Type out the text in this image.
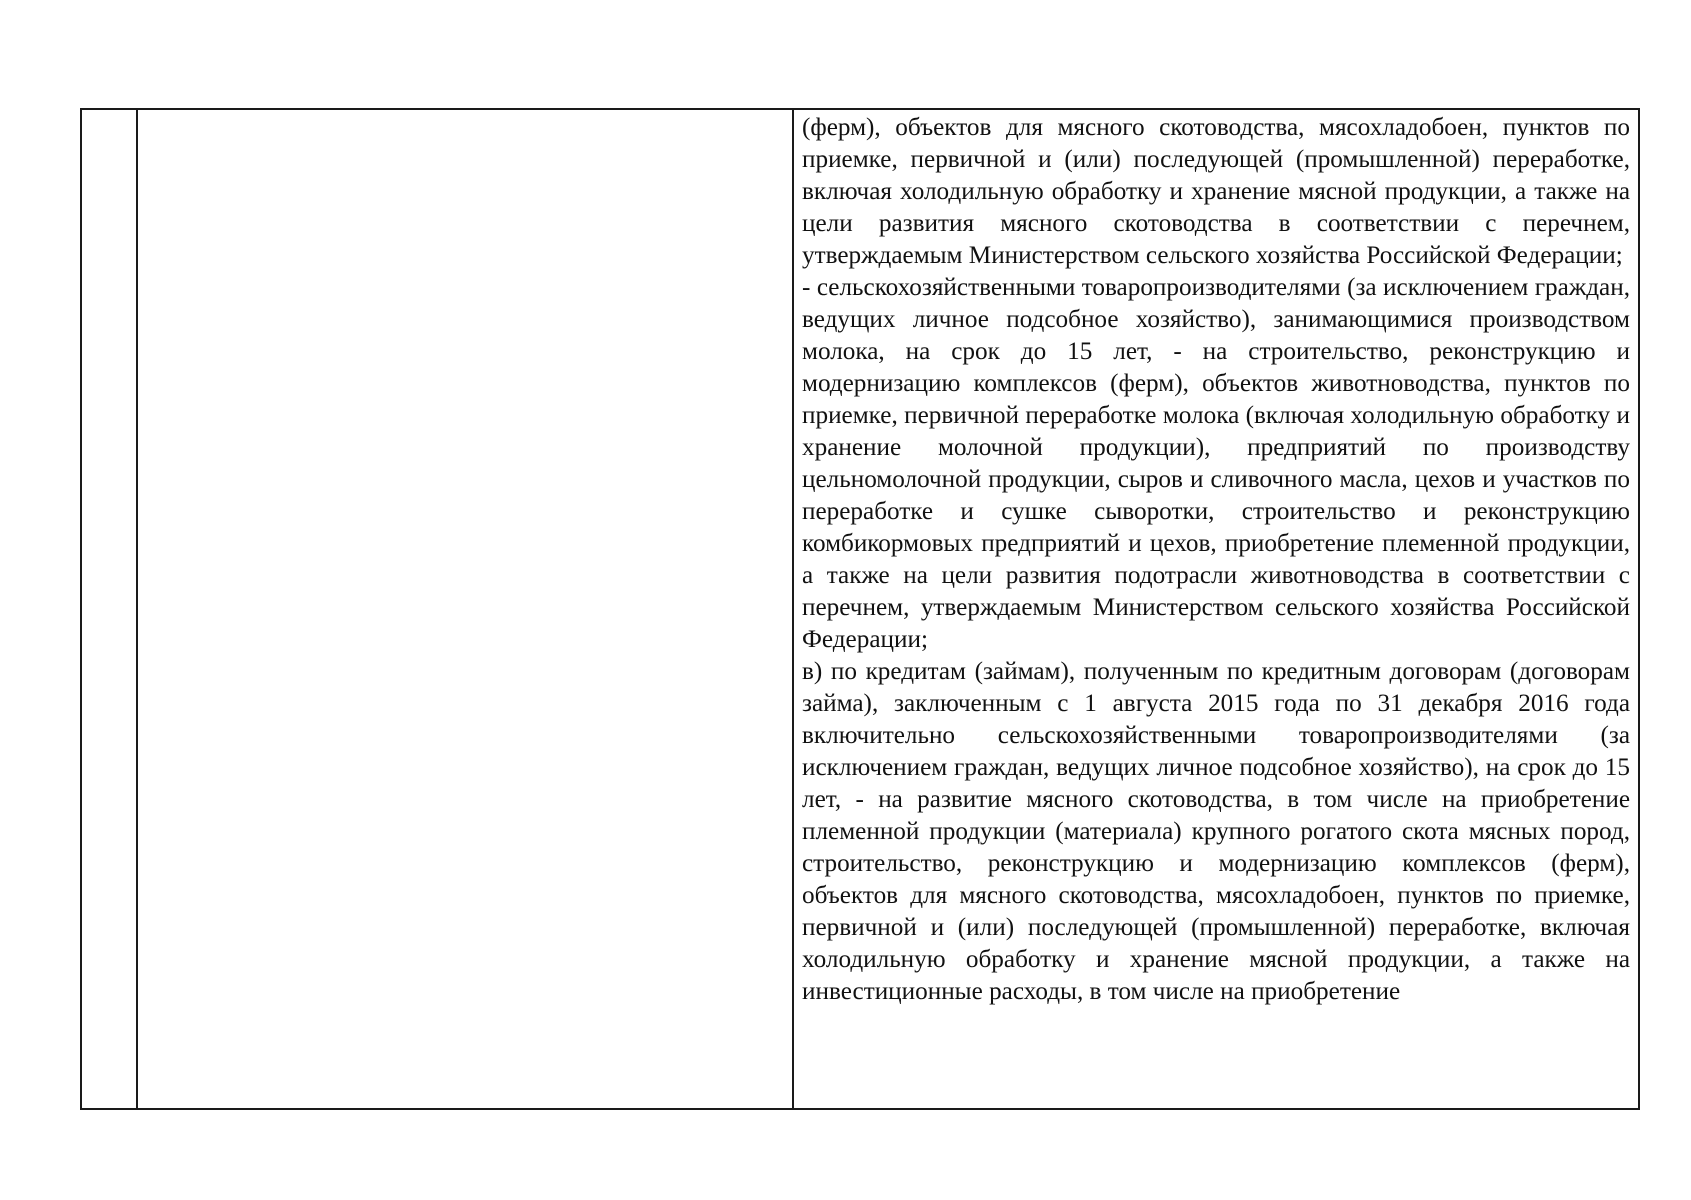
(ферм), объектов для мясного скотоводства, мясохладобоен, пунктов по приемке, первичной и (или) последующей (промышленной) переработке, включая холодильную обработку и хранение мясной продукции, а также на цели развития мясного скотоводства в соответствии с перечнем, утверждаемым Министерством сельского хозяйства Российской Федерации;

- сельскохозяйственными товаропроизводителями (за исключением граждан, ведущих личное подсобное хозяйство), занимающимися производством молока, на срок до 15 лет, - на строительство, реконструкцию и модернизацию комплексов (ферм), объектов животноводства, пунктов по приемке, первичной переработке молока (включая холодильную обработку и хранение молочной продукции), предприятий по производству цельномолочной продукции, сыров и сливочного масла, цехов и участков по переработке и сушке сыворотки, строительство и реконструкцию комбикормовых предприятий и цехов, приобретение племенной продукции, а также на цели развития подотрасли животноводства в соответствии с перечнем, утверждаемым Министерством сельского хозяйства Российской Федерации;

в) по кредитам (займам), полученным по кредитным договорам (договорам займа), заключенным с 1 августа 2015 года по 31 декабря 2016 года включительно сельскохозяйственными товаропроизводителями (за исключением граждан, ведущих личное подсобное хозяйство), на срок до 15 лет, - на развитие мясного скотоводства, в том числе на приобретение племенной продукции (материала) крупного рогатого скота мясных пород, строительство, реконструкцию и модернизацию комплексов (ферм), объектов для мясного скотоводства, мясохладобоен, пунктов по приемке, первичной и (или) последующей (промышленной) переработке, включая холодильную обработку и хранение мясной продукции, а также на инвестиционные расходы, в том числе на приобретение
